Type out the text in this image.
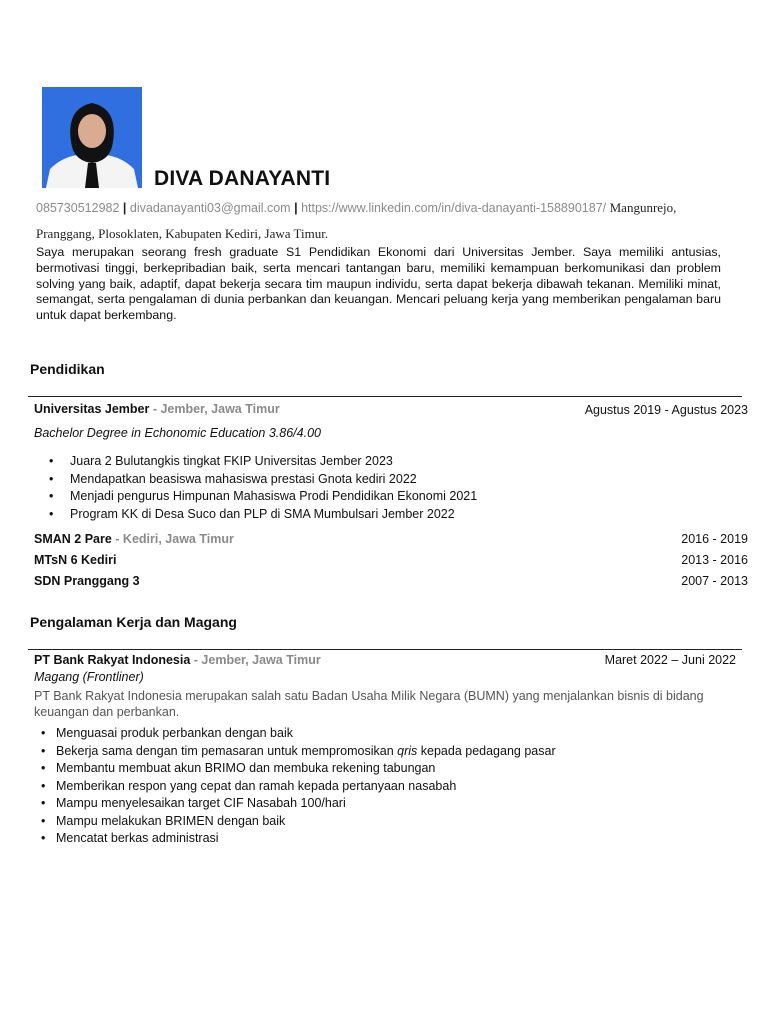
DIVA DANAYANTI
085730512982 | divadanayanti03@gmail.com | https://www.linkedin.com/in/diva-danayanti-158890187/ Mangunrejo,
Pranggang, Plosoklaten, Kabupaten Kediri, Jawa Timur.
Saya merupakan seorang fresh graduate S1 Pendidikan Ekonomi dari Universitas Jember. Saya memiliki antusias, bermotivasi tinggi, berkepribadian baik, serta mencari tantangan baru, memiliki kemampuan berkomunikasi dan problem solving yang baik, adaptif, dapat bekerja secara tim maupun individu, serta dapat bekerja dibawah tekanan. Memiliki minat, semangat, serta pengalaman di dunia perbankan dan keuangan. Mencari peluang kerja yang memberikan pengalaman baru untuk dapat berkembang.
Pendidikan
Universitas Jember - Jember, Jawa Timur	Agustus 2019 - Agustus 2023
Bachelor Degree in Echonomic Education 3.86/4.00
• Juara 2 Bulutangkis tingkat FKIP Universitas Jember 2023
• Mendapatkan beasiswa mahasiswa prestasi Gnota kediri 2022
• Menjadi pengurus Himpunan Mahasiswa Prodi Pendidikan Ekonomi 2021
• Program KK di Desa Suco dan PLP di SMA Mumbulsari Jember 2022
SMAN 2 Pare - Kediri, Jawa Timur	2016 - 2019
MTsN 6 Kediri	2013 - 2016
SDN Pranggang 3	2007 - 2013
Pengalaman Kerja dan Magang
PT Bank Rakyat Indonesia - Jember, Jawa Timur	Maret 2022 – Juni 2022
Magang (Frontliner)
PT Bank Rakyat Indonesia merupakan salah satu Badan Usaha Milik Negara (BUMN) yang menjalankan bisnis di bidang keuangan dan perbankan.
• Menguasai produk perbankan dengan baik
• Bekerja sama dengan tim pemasaran untuk mempromosikan qris kepada pedagang pasar
• Membantu membuat akun BRIMO dan membuka rekening tabungan
• Memberikan respon yang cepat dan ramah kepada pertanyaan nasabah
• Mampu menyelesaikan target CIF Nasabah 100/hari
• Mampu melakukan BRIMEN dengan baik
• Mencatat berkas administrasi
